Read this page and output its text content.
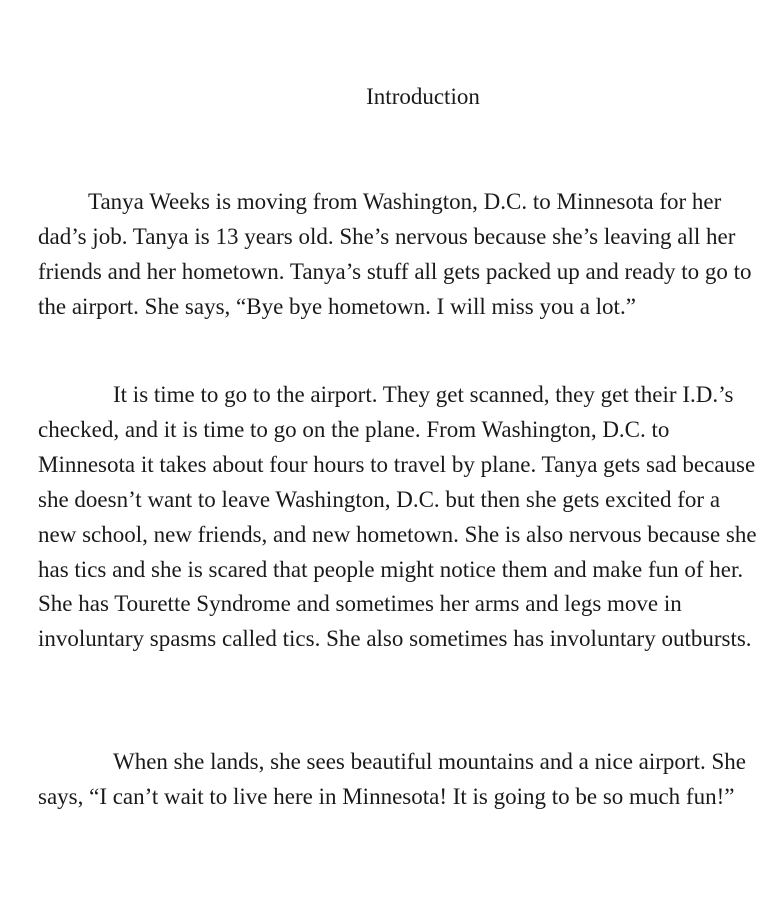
Introduction

Tanya Weeks is moving from Washington, D.C. to Minnesota for her dad’s job. Tanya is 13 years old. She’s nervous because she’s leaving all her friends and her hometown. Tanya’s stuff all gets packed up and ready to go to the airport. She says, “Bye bye hometown. I will miss you a lot.”

It is time to go to the airport. They get scanned, they get their I.D.’s checked, and it is time to go on the plane. From Washington, D.C. to Minnesota it takes about four hours to travel by plane. Tanya gets sad because she doesn’t want to leave Washington, D.C. but then she gets excited for a new school, new friends, and new hometown. She is also nervous because she has tics and she is scared that people might notice them and make fun of her. She has Tourette Syndrome and sometimes her arms and legs move in involuntary spasms called tics. She also sometimes has involuntary outbursts.

When she lands, she sees beautiful mountains and a nice airport. She says, “I can’t wait to live here in Minnesota! It is going to be so much fun!”
